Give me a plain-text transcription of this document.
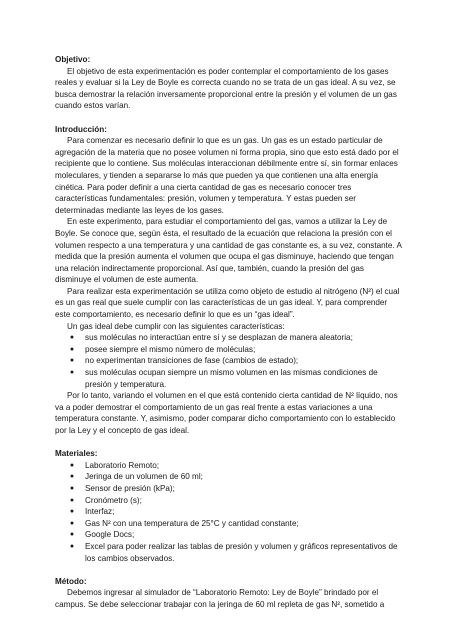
Objetivo:

El objetivo de esta experimentación es poder contemplar el comportamiento de los gases reales y evaluar si la Ley de Boyle es correcta cuando no se trata de un gas ideal. A su vez, se busca demostrar la relación inversamente proporcional entre la presión y el volumen de un gas cuando estos varían.

Introducción:

Para comenzar es necesario definir lo que es un gas. Un gas es un estado particular de agregación de la materia que no posee volumen ni forma propia, sino que esto está dado por el recipiente que lo contiene. Sus moléculas interaccionan débilmente entre sí, sin formar enlaces moleculares, y tienden a separarse lo más que pueden ya que contienen una alta energía cinética. Para poder definir a una cierta cantidad de gas es necesario conocer tres características fundamentales: presión, volumen y temperatura. Y estas pueden ser determinadas mediante las leyes de los gases.

En este experimento, para estudiar el comportamiento del gas, vamos a utilizar la Ley de Boyle. Se conoce que, según ésta, el resultado de la ecuación que relaciona la presión con el volumen respecto a una temperatura y una cantidad de gas constante es, a su vez, constante. A medida que la presión aumenta el volumen que ocupa el gas disminuye, haciendo que tengan una relación indirectamente proporcional. Así que, también, cuando la presión del gas disminuye el volumen de este aumenta.

Para realizar esta experimentación se utiliza como objeto de estudio al nitrógeno (N²) el cual es un gas real que suele cumplir con las características de un gas ideal. Y, para comprender este comportamiento, es necesario definir lo que es un “gas ideal”.

Un gas ideal debe cumplir con las siguientes características:

●	sus moléculas no interactúan entre sí y se desplazan de manera aleatoria;
●	posee siempre el mismo número de moléculas;
●	no experimentan transiciones de fase (cambios de estado);
●	sus moléculas ocupan siempre un mismo volumen en las mismas condiciones de presión y temperatura.

Por lo tanto, variando el volumen en el que está contenido cierta cantidad de N² líquido, nos va a poder demostrar el comportamiento de un gas real frente a estas variaciones a una temperatura constante. Y, asimismo, poder comparar dicho comportamiento con lo establecido por la Ley y el concepto de gas ideal.

Materiales:
●	Laboratorio Remoto;
●	Jeringa de un volumen de 60 ml;
●	Sensor de presión (kPa);
●	Cronómetro (s);
●	Interfaz;
●	Gas N² con una temperatura de 25°C y cantidad constante;
●	Google Docs;
●	Excel para poder realizar las tablas de presión y volumen y gráficos representativos de los cambios observados.
Método:

Debemos ingresar al simulador de “Laboratorio Remoto: Ley de Boyle” brindado por el campus. Se debe seleccionar trabajar con la jeringa de 60 ml repleta de gas N², sometido a
